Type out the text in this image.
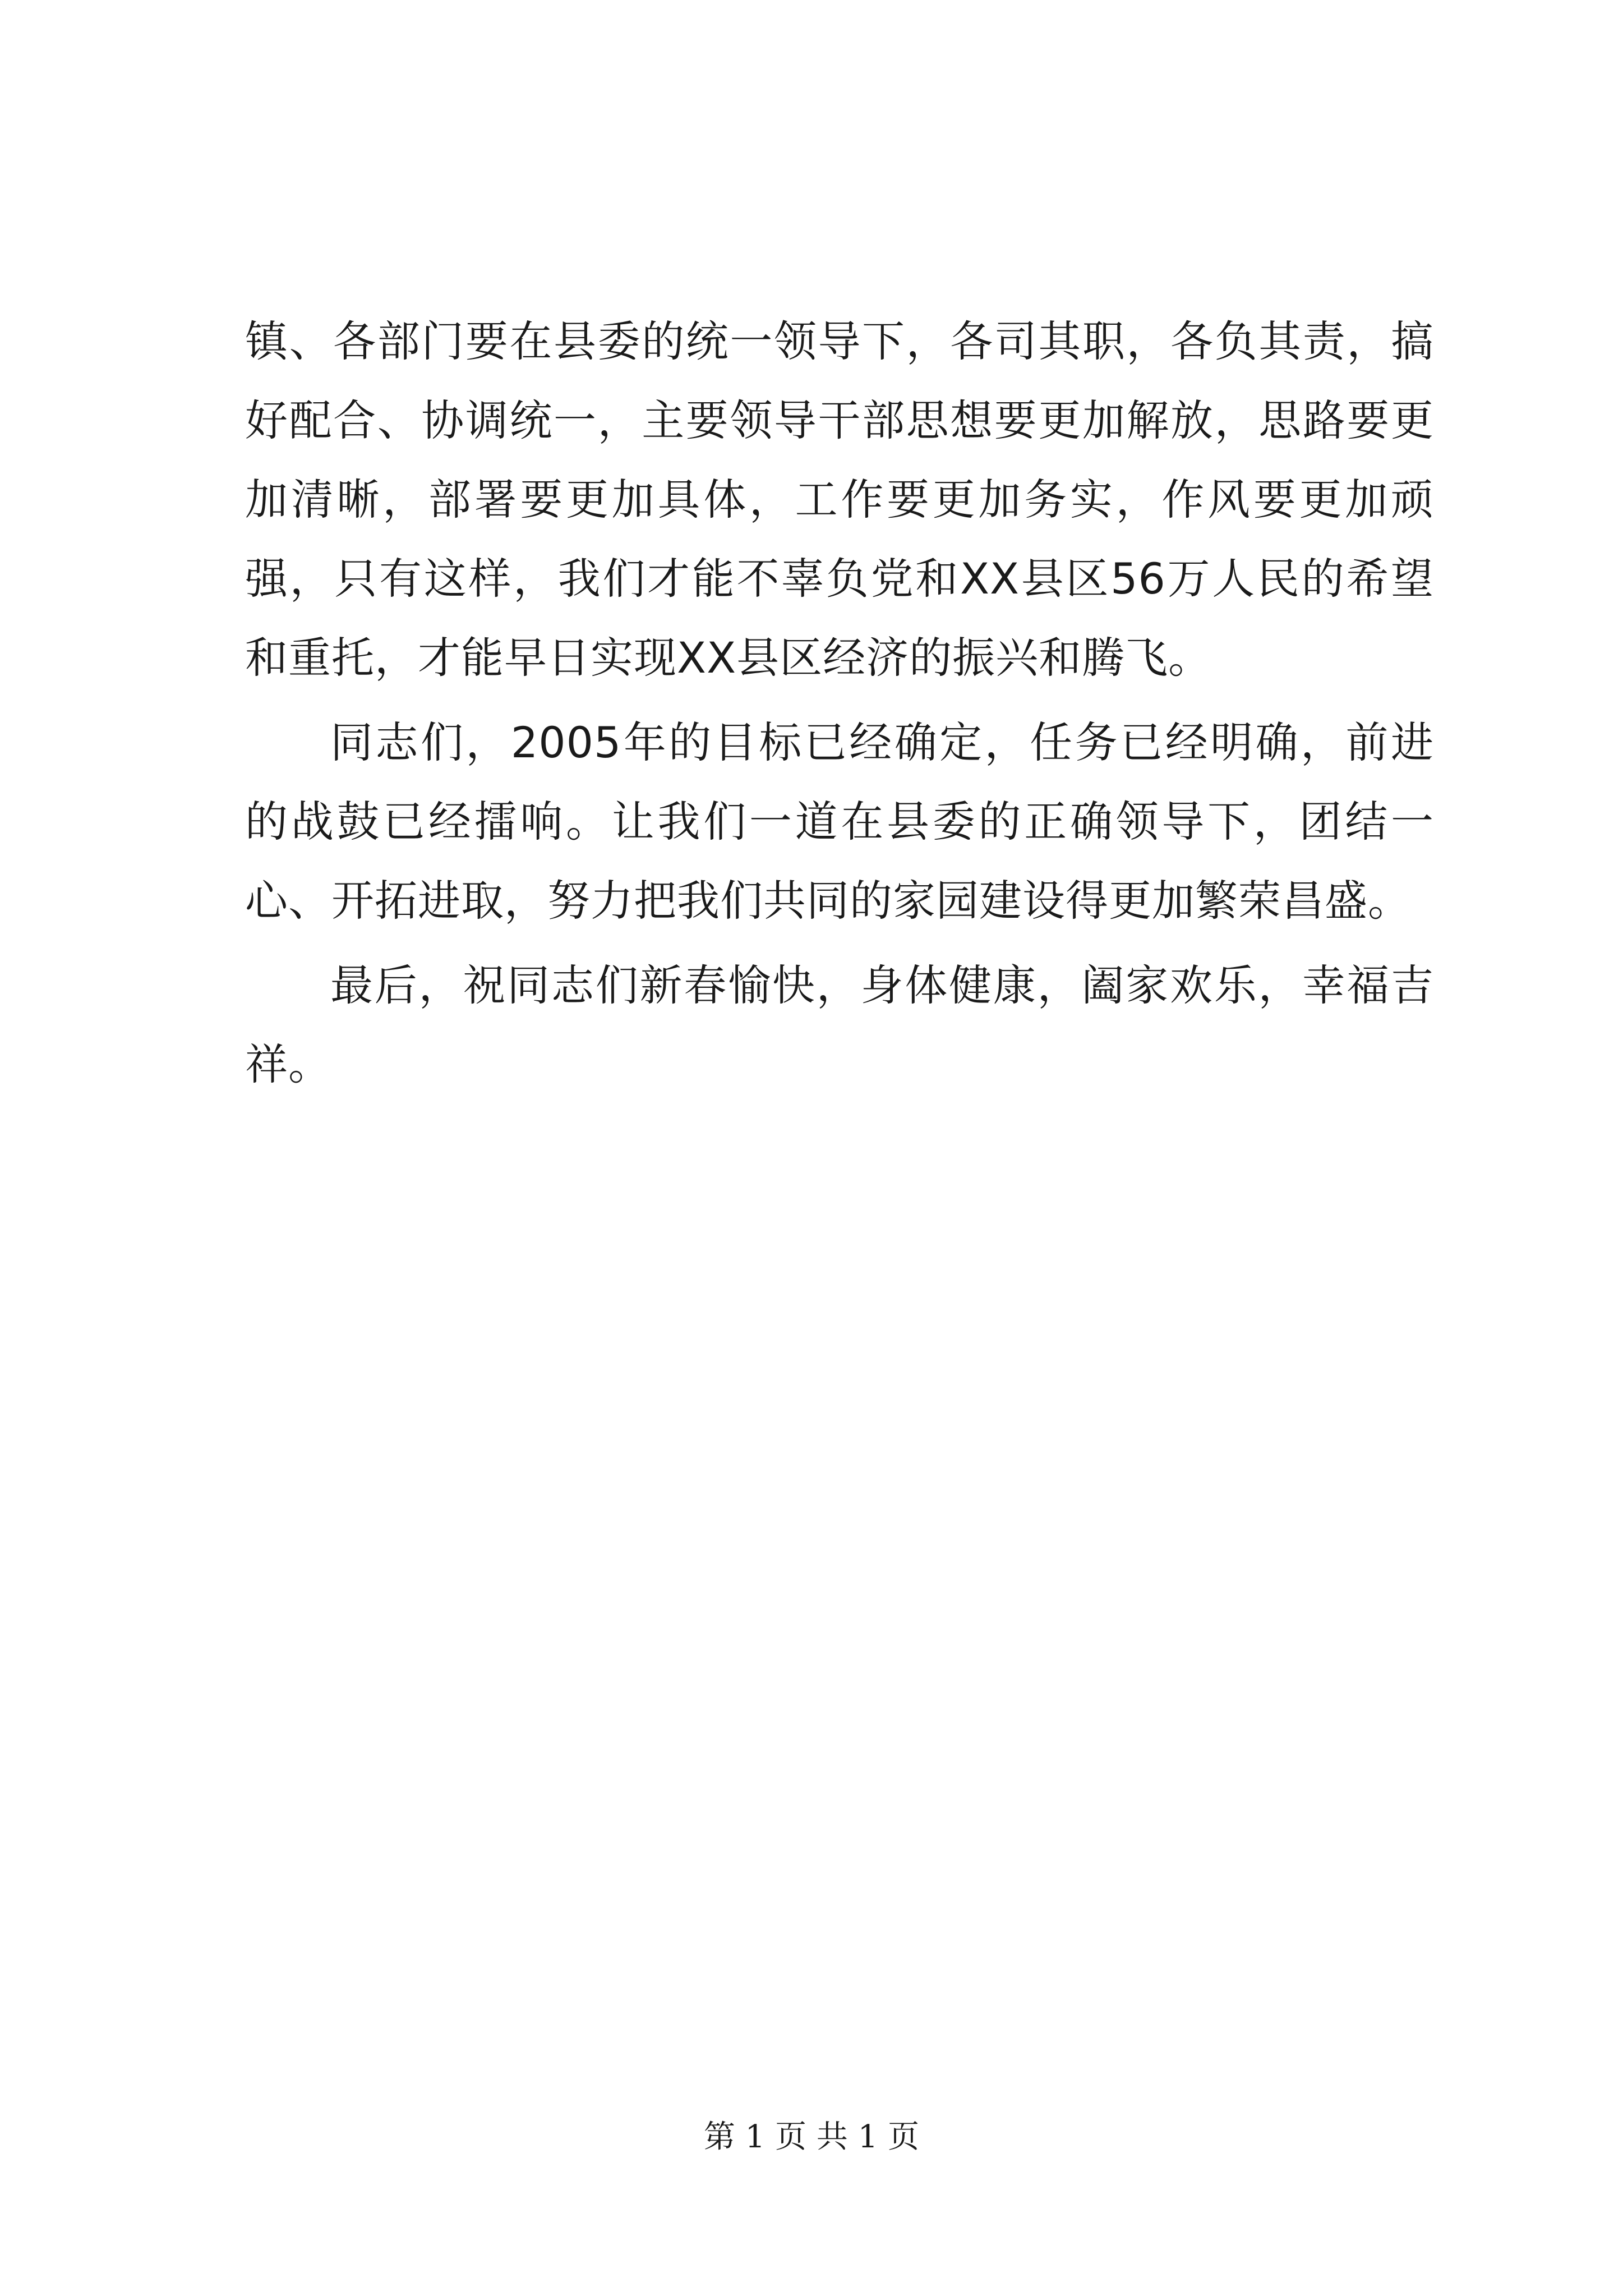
镇、各部门要在县委的统一领导下，各司其职，各负其责，搞好配合、协调统一，主要领导干部思想要更加解放，思路要更加清晰，部署要更加具体，工作要更加务实，作风要更加顽强，只有这样，我们才能不辜负党和XX县区56万人民的希望和重托，才能早日实现XX县区经济的振兴和腾飞。

同志们，2005年的目标已经确定，任务已经明确，前进的战鼓已经擂响。让我们一道在县委的正确领导下，团结一心、开拓进取，努力把我们共同的家园建设得更加繁荣昌盛。

最后，祝同志们新春愉快，身体健康，阖家欢乐，幸福吉祥。

第 1 页 共 1 页
